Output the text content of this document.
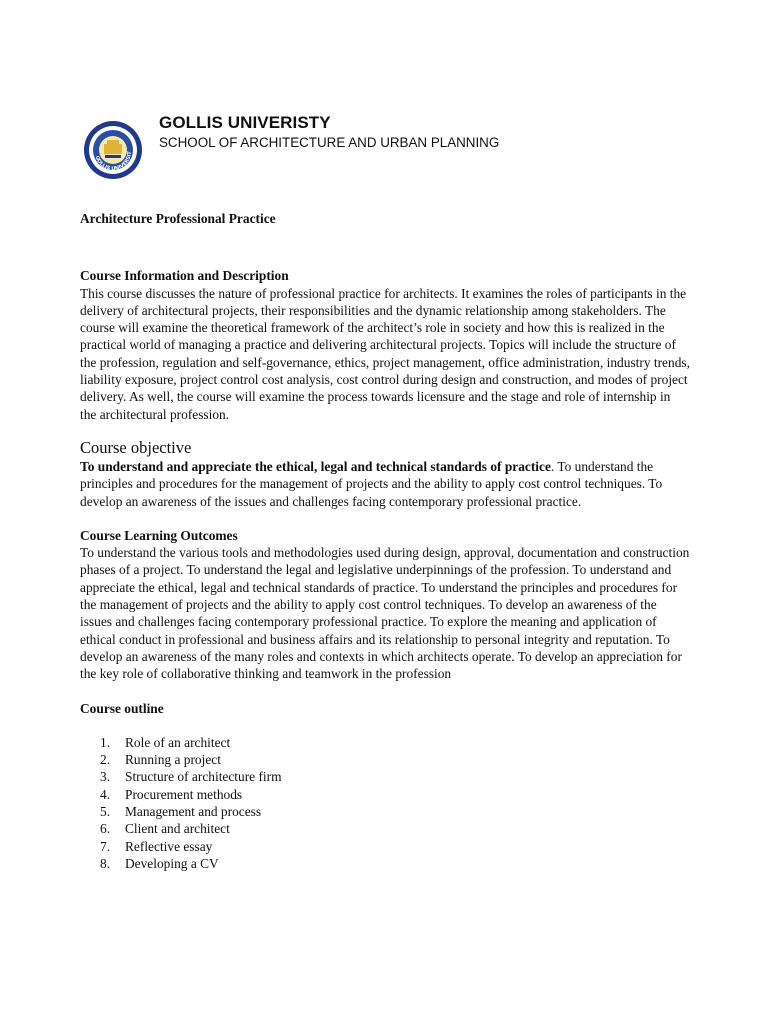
GOLLIS UNIVERSIT
GOLLIS UNIVERISTY
SCHOOL OF ARCHITECTURE AND URBAN PLANNING

Architecture Professional Practice

Course Information and Description

This course discusses the nature of professional practice for architects. It examines the roles of participants in the delivery of architectural projects, their responsibilities and the dynamic relationship among stakeholders. The course will examine the theoretical framework of the architect’s role in society and how this is realized in the practical world of managing a practice and delivering architectural projects. Topics will include the structure of the profession, regulation and self-governance, ethics, project management, office administration, industry trends, liability exposure, project control cost analysis, cost control during design and construction, and modes of project delivery. As well, the course will examine the process towards licensure and the stage and role of internship in the architectural profession.

Course objective

To understand and appreciate the ethical, legal and technical standards of practice. To understand the principles and procedures for the management of projects and the ability to apply cost control techniques. To develop an awareness of the issues and challenges facing contemporary professional practice.

Course Learning Outcomes

To understand the various tools and methodologies used during design, approval, documentation and construction phases of a project. To understand the legal and legislative underpinnings of the profession. To understand and appreciate the ethical, legal and technical standards of practice. To understand the principles and procedures for the management of projects and the ability to apply cost control techniques. To develop an awareness of the issues and challenges facing contemporary professional practice. To explore the meaning and application of ethical conduct in professional and business affairs and its relationship to personal integrity and reputation. To develop an awareness of the many roles and contexts in which architects operate. To develop an appreciation for the key role of collaborative thinking and teamwork in the profession

Course outline

1.	Role of an architect
2.	Running a project
3.	Structure of architecture firm
4.	Procurement methods
5.	Management and process
6.	Client and architect
7.	Reflective essay
8.	Developing a CV
